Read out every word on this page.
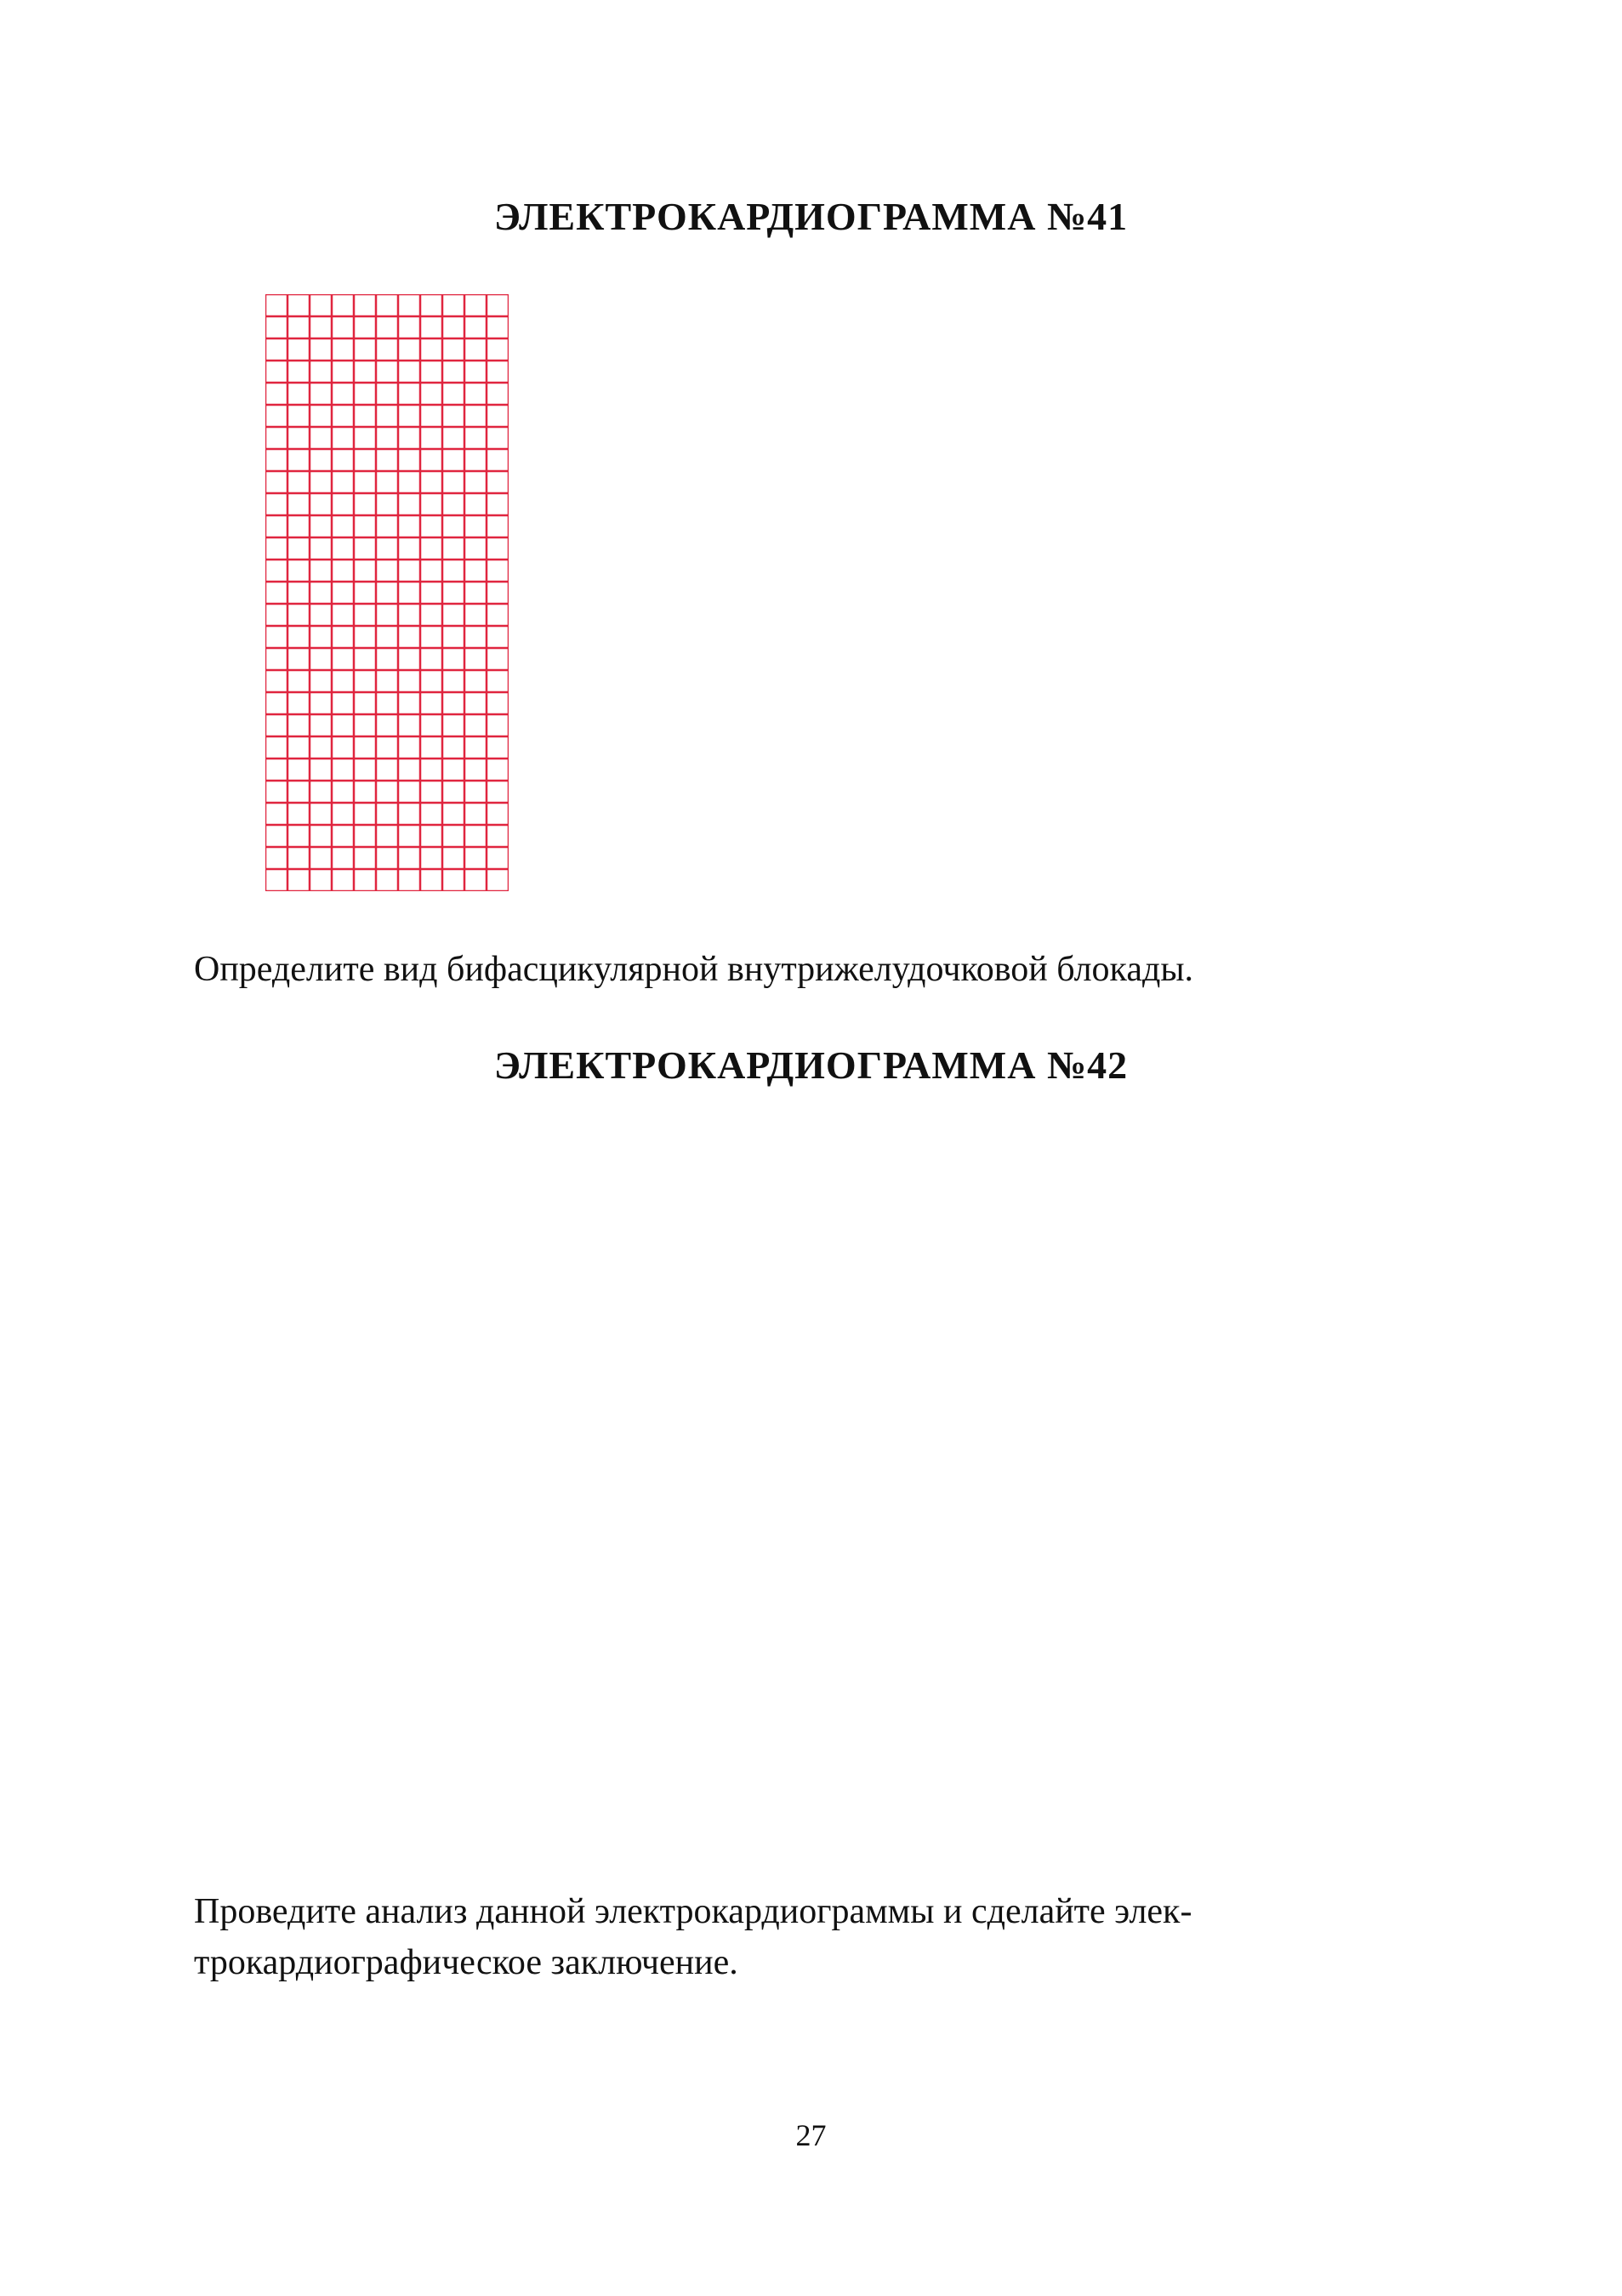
ЭЛЕКТРОКАРДИОГРАММА №41

Определите вид бифасцикулярной внутрижелудочковой блокады.

ЭЛЕКТРОКАРДИОГРАММА №42

Проведите анализ данной электрокардиограммы и сделайте элек-
трокардиографическое заключение.

27
